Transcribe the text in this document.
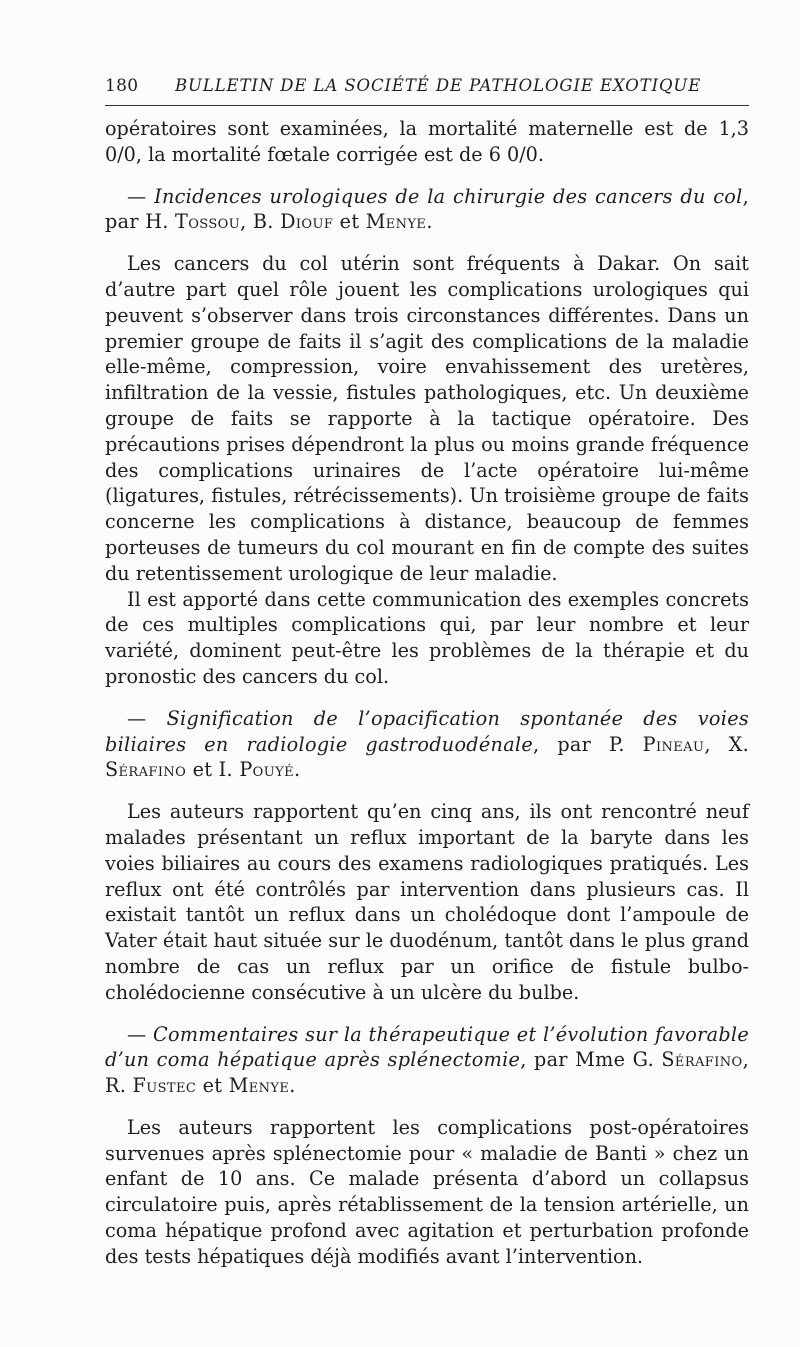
180 BULLETIN DE LA SOCIÉTÉ DE PATHOLOGIE EXOTIQUE

opératoires sont examinées, la mortalité maternelle est de 1,3 0/0, la mortalité fœtale corrigée est de 6 0/0.

— Incidences urologiques de la chirurgie des cancers du col, par H. Tossou, B. Diouf et Menye.

Les cancers du col utérin sont fréquents à Dakar. On sait d’autre part quel rôle jouent les complications urologiques qui peuvent s’observer dans trois circonstances différentes. Dans un premier groupe de faits il s’agit des complications de la maladie elle-même, compression, voire envahissement des uretères, infiltration de la vessie, fistules pathologiques, etc. Un deuxième groupe de faits se rapporte à la tactique opératoire. Des précautions prises dépendront la plus ou moins grande fréquence des complications urinaires de l’acte opératoire lui-même (ligatures, fistules, rétrécissements). Un troisième groupe de faits concerne les complications à distance, beaucoup de femmes porteuses de tumeurs du col mourant en fin de compte des suites du retentissement urologique de leur maladie.

Il est apporté dans cette communication des exemples concrets de ces multiples complications qui, par leur nombre et leur variété, dominent peut-être les problèmes de la thérapie et du pronostic des cancers du col.

— Signification de l’opacification spontanée des voies biliaires en radiologie gastroduodénale, par P. Pineau, X. Sérafino et I. Pouyé.

Les auteurs rapportent qu’en cinq ans, ils ont rencontré neuf malades présentant un reflux important de la baryte dans les voies biliaires au cours des examens radiologiques pratiqués. Les reflux ont été contrôlés par intervention dans plusieurs cas. Il existait tantôt un reflux dans un cholédoque dont l’ampoule de Vater était haut située sur le duodénum, tantôt dans le plus grand nombre de cas un reflux par un orifice de fistule bulbo-cholédocienne consécutive à un ulcère du bulbe.

— Commentaires sur la thérapeutique et l’évolution favorable d’un coma hépatique après splénectomie, par Mme G. Sérafino, R. Fustec et Menye.

Les auteurs rapportent les complications post-opératoires survenues après splénectomie pour « maladie de Banti » chez un enfant de 10 ans. Ce malade présenta d’abord un collapsus circulatoire puis, après rétablissement de la tension artérielle, un coma hépatique profond avec agitation et perturbation profonde des tests hépatiques déjà modifiés avant l’intervention.
